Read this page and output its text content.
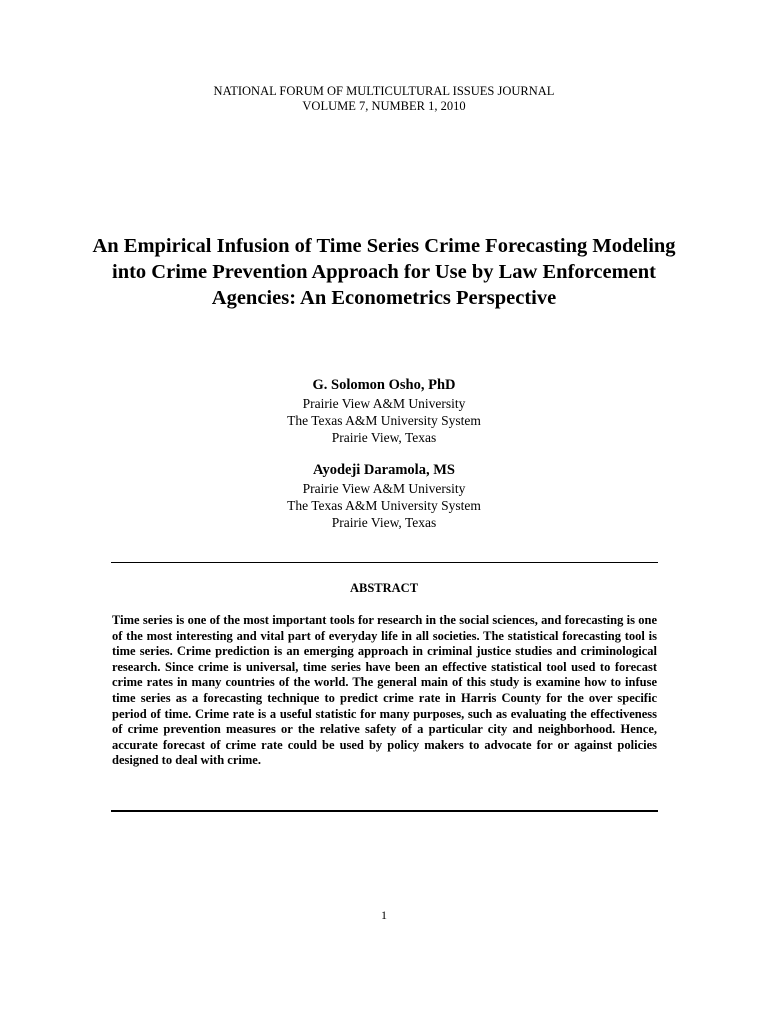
NATIONAL FORUM OF MULTICULTURAL ISSUES JOURNAL
VOLUME 7, NUMBER 1, 2010
An Empirical Infusion of Time Series Crime Forecasting Modeling into Crime Prevention Approach for Use by Law Enforcement Agencies: An Econometrics Perspective
G. Solomon Osho, PhD
Prairie View A&M University
The Texas A&M University System
Prairie View, Texas
Ayodeji Daramola, MS
Prairie View A&M University
The Texas A&M University System
Prairie View, Texas
ABSTRACT

Time series is one of the most important tools for research in the social sciences, and forecasting is one of the most interesting and vital part of everyday life in all societies. The statistical forecasting tool is time series. Crime prediction is an emerging approach in criminal justice studies and criminological research. Since crime is universal, time series have been an effective statistical tool used to forecast crime rates in many countries of the world. The general main of this study is examine how to infuse time series as a forecasting technique to predict crime rate in Harris County for the over specific period of time. Crime rate is a useful statistic for many purposes, such as evaluating the effectiveness of crime prevention measures or the relative safety of a particular city and neighborhood. Hence, accurate forecast of crime rate could be used by policy makers to advocate for or against policies designed to deal with crime.

1
